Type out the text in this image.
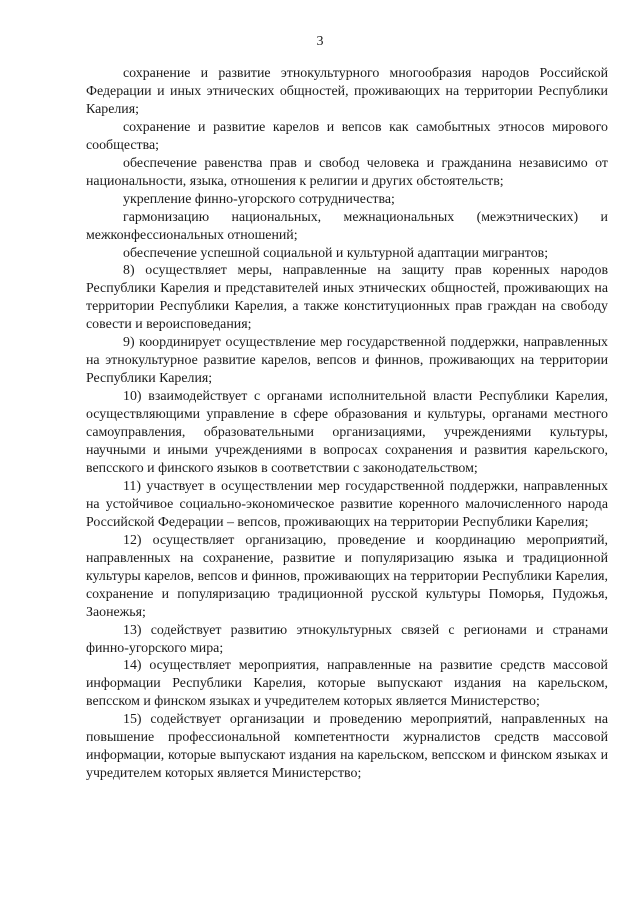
3

сохранение и развитие этнокультурного многообразия народов Российской Федерации и иных этнических общностей, проживающих на территории Республики Карелия;

сохранение и развитие карелов и вепсов как самобытных этносов мирового сообщества;

обеспечение равенства прав и свобод человека и гражданина независимо от национальности, языка, отношения к религии и других обстоятельств;

укрепление финно-угорского сотрудничества;

гармонизацию национальных, межнациональных (межэтнических) и межконфессиональных отношений;

обеспечение успешной социальной и культурной адаптации мигрантов;

8) осуществляет меры, направленные на защиту прав коренных народов Республики Карелия и представителей иных этнических общностей, проживающих на территории Республики Карелия, а также конституционных прав граждан на свободу совести и вероисповедания;

9) координирует осуществление мер государственной поддержки, направленных на этнокультурное развитие карелов, вепсов и финнов, проживающих на территории Республики Карелия;

10) взаимодействует с органами исполнительной власти Республики Карелия, осуществляющими управление в сфере образования и культуры, органами местного самоуправления, образовательными организациями, учреждениями культуры, научными и иными учреждениями в вопросах сохранения и развития карельского, вепсского и финского языков в соответствии с законодательством;

11) участвует в осуществлении мер государственной поддержки, направленных на устойчивое социально-экономическое развитие коренного малочисленного народа Российской Федерации – вепсов, проживающих на территории Республики Карелия;

12) осуществляет организацию, проведение и координацию мероприятий, направленных на сохранение, развитие и популяризацию языка и традиционной культуры карелов, вепсов и финнов, проживающих на территории Республики Карелия, сохранение и популяризацию традиционной русской культуры Поморья, Пудожья, Заонежья;

13) содействует развитию этнокультурных связей с регионами и странами финно-угорского мира;

14) осуществляет мероприятия, направленные на развитие средств массовой информации Республики Карелия, которые выпускают издания на карельском, вепсском и финском языках и учредителем которых является Министерство;

15) содействует организации и проведению мероприятий, направленных на повышение профессиональной компетентности журналистов средств массовой информации, которые выпускают издания на карельском, вепсском и финском языках и учредителем которых является Министерство;
